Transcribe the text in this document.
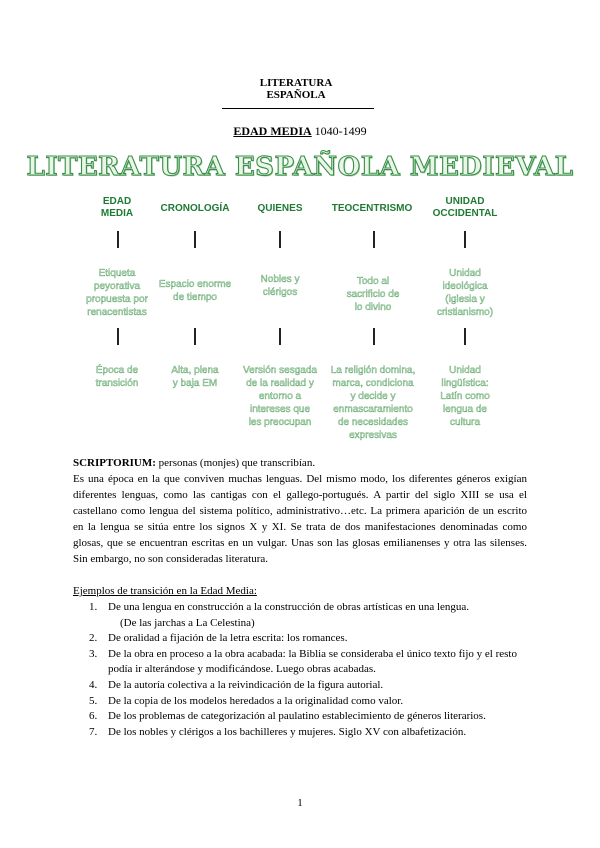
LITERATURA
ESPAÑOLA
EDAD MEDIA 1040-1499
LITERATURA ESPAÑOLA MEDIEVAL
EDAD
MEDIA
Etiqueta
peyorativa
propuesta por
renacentistas
Época de
transición
CRONOLOGÍA
Espacio enorme
de tiempo
Alta, plena
y baja EM
QUIENES
Nobles y
clérigos
Versión sesgada
de la realidad y
entorno a
intereses que
les preocupan
TEOCENTRISMO
Todo al
sacrificio de
lo divino
La religión domina,
marca, condiciona
y decide y
enmascaramiento
de necesidades
expresivas
UNIDAD
OCCIDENTAL
Unidad
ideológica
(iglesia y
cristianismo)
Unidad
lingüística:
Latín como
lengua de
cultura
SCRIPTORIUM: personas (monjes) que transcribían.
Es una época en la que conviven muchas lenguas. Del mismo modo, los diferentes géneros exigían diferentes lenguas, como las cantigas con el gallego-portugués. A partir del siglo XIII se usa el castellano como lengua del sistema político, administrativo…etc. La primera aparición de un escrito en la lengua se sitúa entre los signos X y XI. Se trata de dos manifestaciones denominadas como glosas, que se encuentran escritas en un vulgar. Unas son las glosas emilianenses y otra las silenses. Sin embargo, no son consideradas literatura.
Ejemplos de transición en la Edad Media:
1. De una lengua en construcción a la construcción de obras artísticas en una lengua.
(De las jarchas a La Celestina)
2. De oralidad a fijación de la letra escrita: los romances.
3. De la obra en proceso a la obra acabada: la Biblia se consideraba el único texto fijo y el resto podía ir alterándose y modificándose. Luego obras acabadas.
4. De la autoría colectiva a la reivindicación de la figura autorial.
5. De la copia de los modelos heredados a la originalidad como valor.
6. De los problemas de categorización al paulatino establecimiento de géneros literarios.
7. De los nobles y clérigos a los bachilleres y mujeres. Siglo XV con albafetización.
1
